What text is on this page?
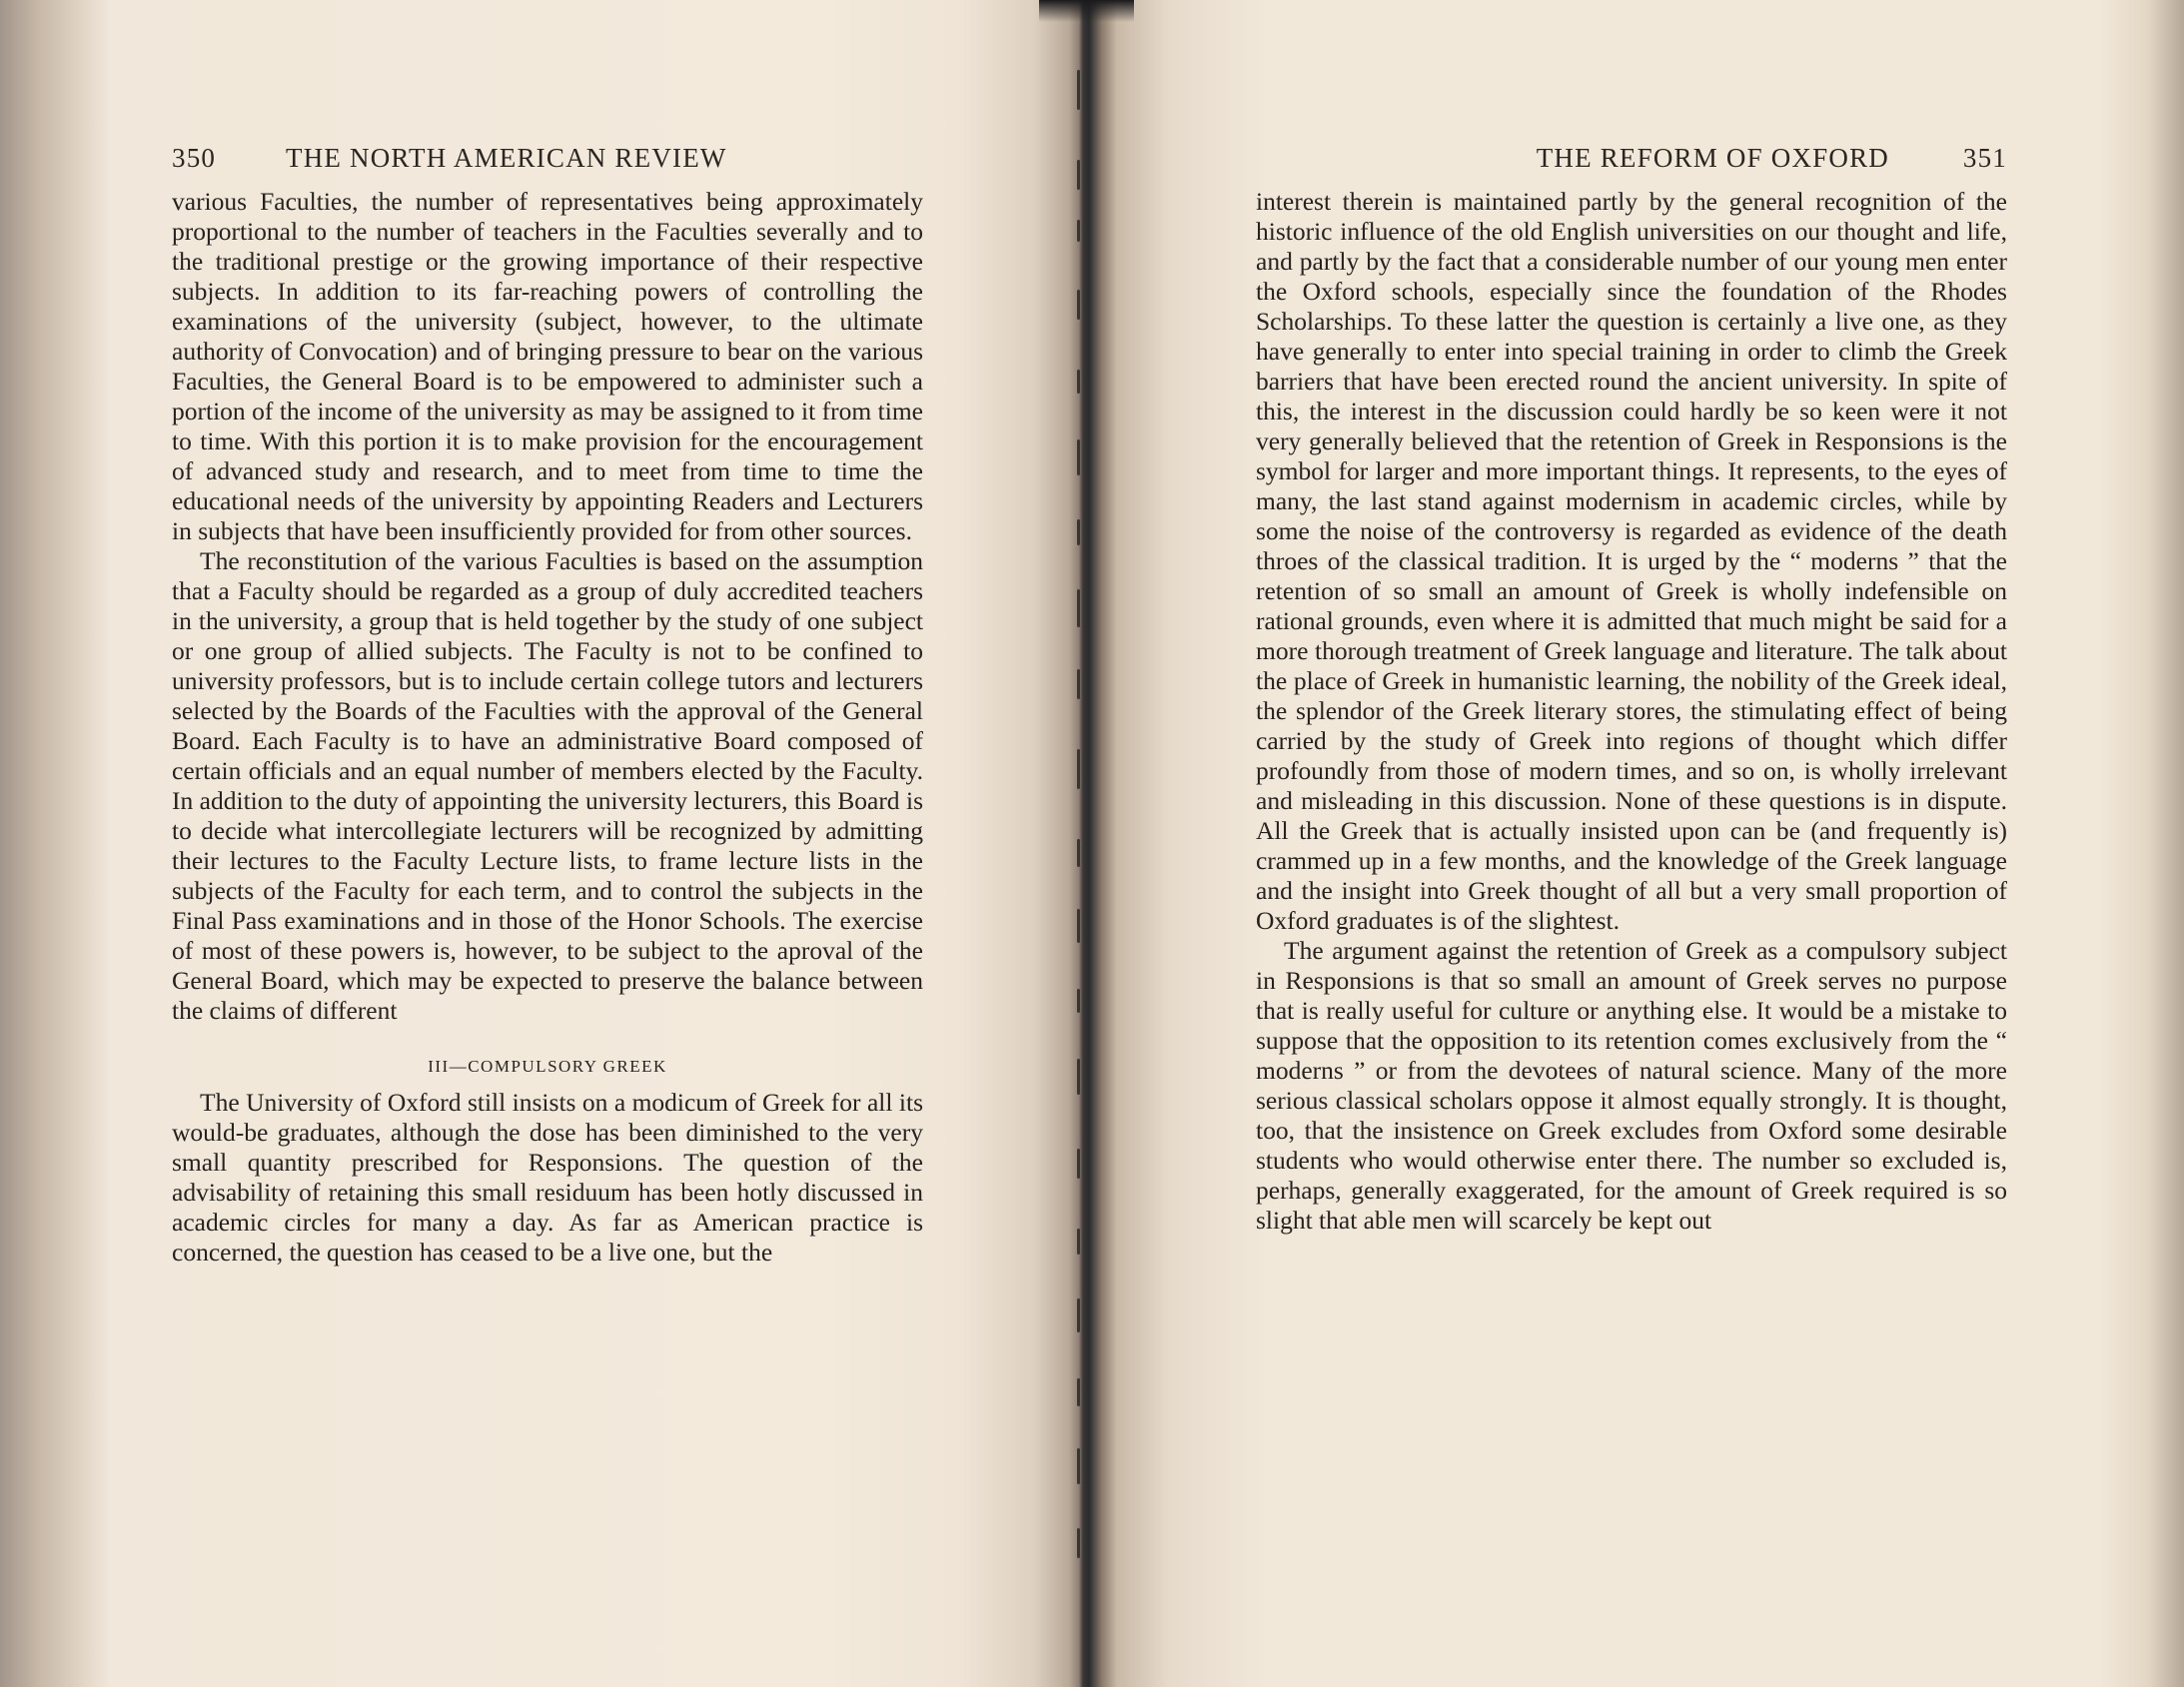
350	THE NORTH AMERICAN REVIEW

various Faculties, the number of representatives being approximately proportional to the number of teachers in the Faculties severally and to the traditional prestige or the growing importance of their respective subjects. In addition to its far-reaching powers of controlling the examinations of the university (subject, however, to the ultimate authority of Convocation) and of bringing pressure to bear on the various Faculties, the General Board is to be empowered to administer such a portion of the income of the university as may be assigned to it from time to time. With this portion it is to make provision for the encouragement of advanced study and research, and to meet from time to time the educational needs of the university by appointing Readers and Lecturers in subjects that have been insufficiently provided for from other sources.

The reconstitution of the various Faculties is based on the assumption that a Faculty should be regarded as a group of duly accredited teachers in the university, a group that is held together by the study of one subject or one group of allied subjects. The Faculty is not to be confined to university professors, but is to include certain college tutors and lecturers selected by the Boards of the Faculties with the approval of the General Board. Each Faculty is to have an administrative Board composed of certain officials and an equal number of members elected by the Faculty. In addition to the duty of appointing the university lecturers, this Board is to decide what intercollegiate lecturers will be recognized by admitting their lectures to the Faculty Lecture lists, to frame lecture lists in the subjects of the Faculty for each term, and to control the subjects in the Final Pass examinations and in those of the Honor Schools. The exercise of most of these powers is, however, to be subject to the aproval of the General Board, which may be expected to preserve the balance between the claims of different

III—COMPULSORY GREEK

The University of Oxford still insists on a modicum of Greek for all its would-be graduates, although the dose has been diminished to the very small quantity prescribed for Responsions. The question of the advisability of retaining this small residuum has been hotly discussed in academic circles for many a day. As far as American practice is concerned, the question has ceased to be a live one, but the

THE REFORM OF OXFORD	351

interest therein is maintained partly by the general recognition of the historic influence of the old English universities on our thought and life, and partly by the fact that a considerable number of our young men enter the Oxford schools, especially since the foundation of the Rhodes Scholarships. To these latter the question is certainly a live one, as they have generally to enter into special training in order to climb the Greek barriers that have been erected round the ancient university. In spite of this, the interest in the discussion could hardly be so keen were it not very generally believed that the retention of Greek in Responsions is the symbol for larger and more important things. It represents, to the eyes of many, the last stand against modernism in academic circles, while by some the noise of the controversy is regarded as evidence of the death throes of the classical tradition. It is urged by the “ moderns ” that the retention of so small an amount of Greek is wholly indefensible on rational grounds, even where it is admitted that much might be said for a more thorough treatment of Greek language and literature. The talk about the place of Greek in humanistic learning, the nobility of the Greek ideal, the splendor of the Greek literary stores, the stimulating effect of being carried by the study of Greek into regions of thought which differ profoundly from those of modern times, and so on, is wholly irrelevant and misleading in this discussion. None of these questions is in dispute. All the Greek that is actually insisted upon can be (and frequently is) crammed up in a few months, and the knowledge of the Greek language and the insight into Greek thought of all but a very small proportion of Oxford graduates is of the slightest.

The argument against the retention of Greek as a compulsory subject in Responsions is that so small an amount of Greek serves no purpose that is really useful for culture or anything else. It would be a mistake to suppose that the opposition to its retention comes exclusively from the “ moderns ” or from the devotees of natural science. Many of the more serious classical scholars oppose it almost equally strongly. It is thought, too, that the insistence on Greek excludes from Oxford some desirable students who would otherwise enter there. The number so excluded is, perhaps, generally exaggerated, for the amount of Greek required is so slight that able men will scarcely be kept out
